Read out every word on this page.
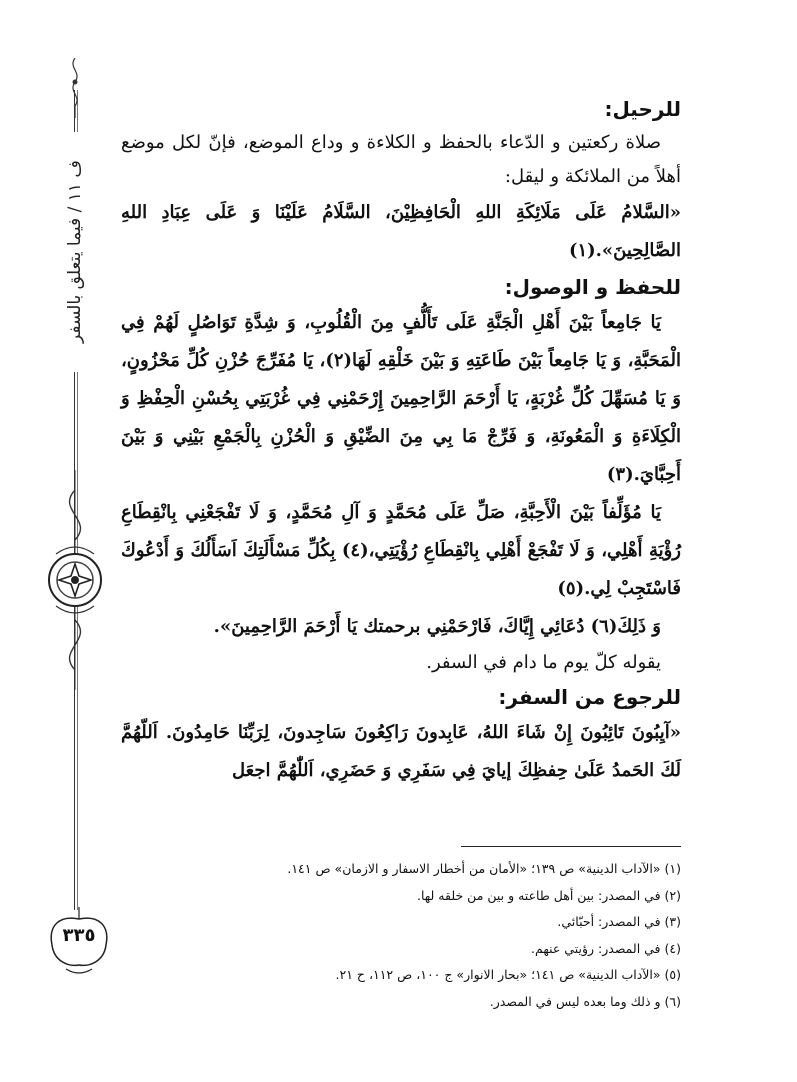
ف ١١ / فيما يتعلق بالسفر
٣٣٥
للرحيل:

صلاة ركعتين و الدّعاء بالحفظ و الكلاءة و وداع الموضع، فإنّ لكل موضع أهلاً من الملائكة و ليقل:

«السَّلامُ عَلَى مَلَائِكَةِ اللهِ الْحَافِظِيْنَ، السَّلَامُ عَلَيْنَا وَ عَلَى عِبَادِ اللهِ الصَّالِحِينَ».(١)

للحفظ و الوصول:

يَا جَامِعاً بَيْنَ أَهْلِ الْجَنَّةِ عَلَى تَأَلُّفٍ مِنَ الْقُلُوبِ، وَ شِدَّةِ تَوَاصُلٍ لَهُمْ فِي الْمَحَبَّةِ، وَ يَا جَامِعاً بَيْنَ طَاعَتِهِ وَ بَيْنَ خَلْقِهِ لَهَا(٢)، يَا مُفَرِّجَ حُزْنِ كُلِّ مَحْزُونٍ، وَ يَا مُسَهِّلَ كُلِّ غُرْبَةٍ، يَا أَرْحَمَ الرَّاحِمِينَ إِرْحَمْنِي فِي غُرْبَتِي بِحُسْنِ الْحِفْظِ وَ الْكِلَاءَةِ وَ الْمَعُونَةِ، وَ فَرِّجْ مَا بِي مِنَ الضِّيْقِ وَ الْحُزْنِ بِالْجَمْعِ بَيْنِي وَ بَيْنَ أَحِبَّايَ.(٣)

يَا مُؤَلِّفاً بَيْنَ الْأَحِبَّةِ، صَلِّ عَلَى مُحَمَّدٍ وَ آلِ مُحَمَّدٍ، وَ لَا تَفْجَعْنِي بِانْقِطَاعِ رُؤْيَةِ أَهْلِي، وَ لَا تَفْجَعْ أَهْلِي بِانْقِطَاعِ رُؤْيَتِي،(٤) بِكُلِّ مَسْأَلَتِكَ اَسَأَلُكَ وَ أَدْعُوكَ فَاسْتَجِبْ لِي.(٥)

وَ ذَلِكَ(٦) دُعَائِي إِيَّاكَ، فَارْحَمْنِي برحمتك يَا أَرْحَمَ الرَّاحِمِينَ».

يقوله كلّ يوم ما دام في السفر.

للرجوع من السفر:

«آيِبُونَ تَائِبُونَ إِنْ شَاءَ اللهُ، عَابِدونَ رَاكِعُونَ سَاجِدونَ، لِرَبِّنَا حَامِدُونَ. اَللّهُمَّ لَكَ الحَمدُ عَلَىٰ حِفظِكَ إيايَ فِي سَفَرِي وَ حَضَرِي، اَللّٰهُمَّ اجعَل

(١) «الآداب الدينية» ص ١٣٩؛ «الأمان من أخطار الاسفار و الازمان» ص ١٤١.
(٢) في المصدر: بين أهل طاعته و بين من خلقه لها.
(٣) في المصدر: أحبّائي.
(٤) في المصدر: رؤيتي عنهم.
(٥) «الآداب الدينية» ص ١٤١؛ «بحار الانوار» ج ١٠٠، ص ١١٢، ح ٢١.
(٦) و ذلك وما بعده ليس في المصدر.
